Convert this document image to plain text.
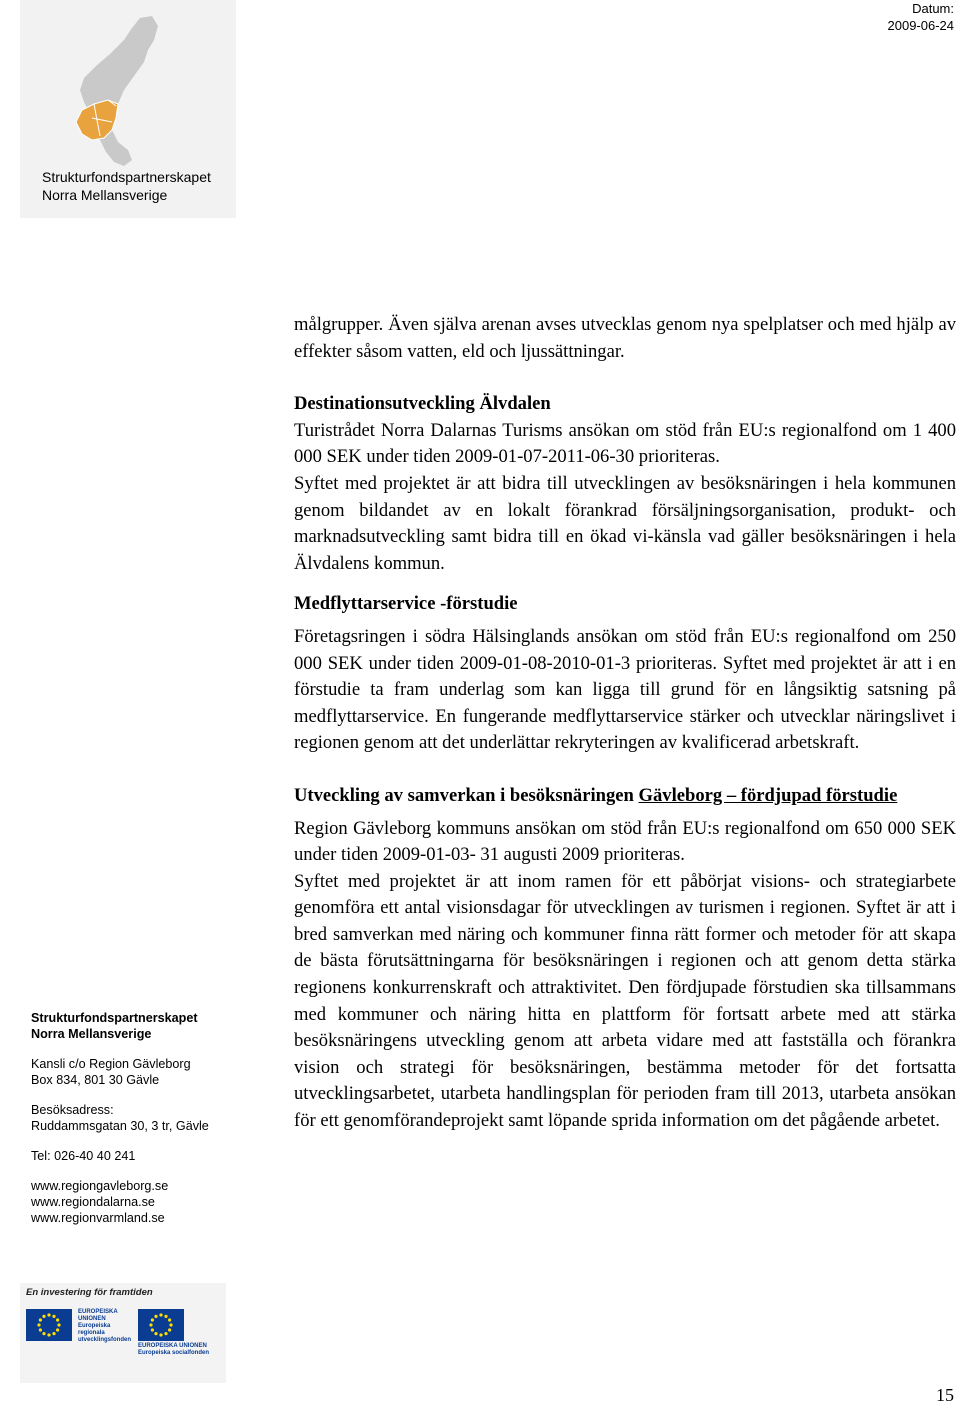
Datum:
2009-06-24
Strukturfondspartnerskapet
Norra Mellansverige

målgrupper. Även själva arenan avses utvecklas genom nya spelplatser och med hjälp av effekter såsom vatten, eld och ljussättningar.

Destinationsutveckling Älvdalen

Turistrådet Norra Dalarnas Turisms ansökan om stöd från EU:s regionalfond om 1 400 000 SEK under tiden 2009-01-07-2011-06-30 prioriteras.

Syftet med projektet är att bidra till utvecklingen av besöksnäringen i hela kommunen genom bildandet av en lokalt förankrad försäljningsorganisation, produkt- och marknadsutveckling samt bidra till en ökad vi-känsla vad gäller besöksnäringen i hela Älvdalens kommun.

Medflyttarservice -förstudie

Företagsringen i södra Hälsinglands ansökan om stöd från EU:s regionalfond om 250 000 SEK under tiden 2009-01-08-2010-01-3 prioriteras. Syftet med projektet är att i en förstudie ta fram underlag som kan ligga till grund för en långsiktig satsning på medflyttarservice. En fungerande medflyttarservice stärker och utvecklar näringslivet i regionen genom att det underlättar rekryteringen av kvalificerad arbetskraft.

Utveckling av samverkan i besöksnäringen Gävleborg – fördjupad förstudie

Region Gävleborg kommuns ansökan om stöd från EU:s regionalfond om 650 000 SEK under tiden 2009-01-03- 31 augusti 2009 prioriteras.

Syftet med projektet är att inom ramen för ett påbörjat visions- och strategiarbete genomföra ett antal visionsdagar för utvecklingen av turismen i regionen. Syftet är att i bred samverkan med näring och kommuner finna rätt former och metoder för att skapa de bästa förutsättningarna för besöksnäringen i regionen och att genom detta stärka regionens konkurrenskraft och attraktivitet. Den fördjupade förstudien ska tillsammans med kommuner och näring hitta en plattform för fortsatt arbete med att stärka besöksnäringens utveckling genom att arbeta vidare med att fastställa och förankra vision och strategi för besöksnäringen, bestämma metoder för det fortsatta utvecklingsarbetet, utarbeta handlingsplan för perioden fram till 2013, utarbeta ansökan för ett genomförandeprojekt samt löpande sprida information om det pågående arbetet.

Strukturfondspartnerskapet
Norra Mellansverige
Kansli c/o Region Gävleborg
Box 834, 801 30 Gävle
Besöksadress:
Ruddammsgatan 30, 3 tr, Gävle
Tel: 026-40 40 241
www.regiongavleborg.se
www.regiondalarna.se
www.regionvarmland.se
En investering för framtiden
EUROPEISKA
UNIONEN
Europeiska
regionala
utvecklingsfonden
EUROPEISKA UNIONEN
Europeiska socialfonden
15
